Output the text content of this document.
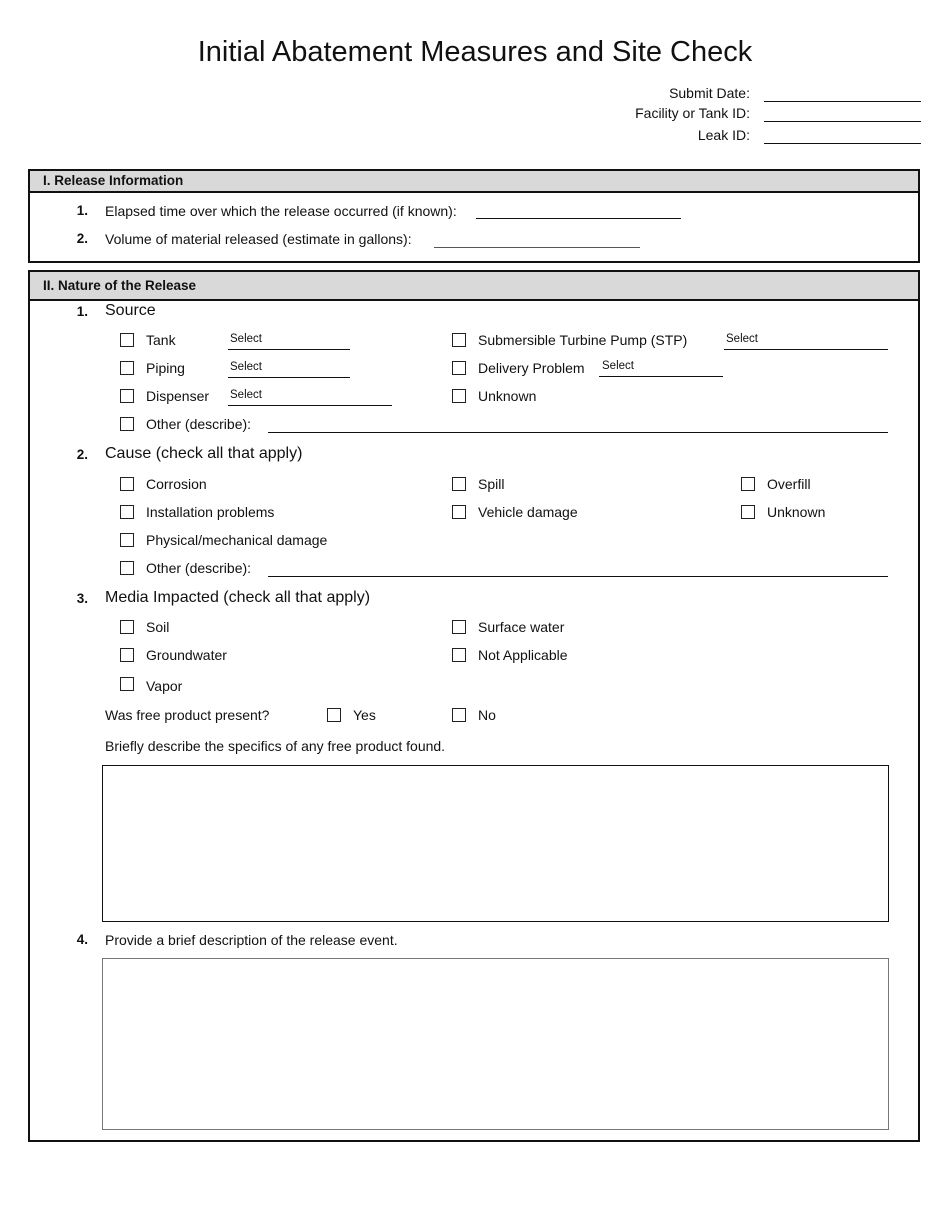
Initial Abatement Measures and Site Check
Submit Date:
Facility or Tank ID:
Leak ID:
I. Release Information
1. Elapsed time over which the release occurred (if known):
2. Volume of material released (estimate in gallons):
II. Nature of the Release
1. Source
Tank	Select	Submersible Turbine Pump (STP)	Select
Piping	Select	Delivery Problem Select
Dispenser Select	Unknown
Other (describe):
2. Cause (check all that apply)
Corrosion	Spill	Overfill
Installation problems	Vehicle damage	Unknown
Physical/mechanical damage
Other (describe):
3. Media Impacted (check all that apply)
Soil	Surface water
Groundwater	Not Applicable
Vapor
Was free product present?	Yes	No
Briefly describe the specifics of any free product found.
4. Provide a brief description of the release event.
